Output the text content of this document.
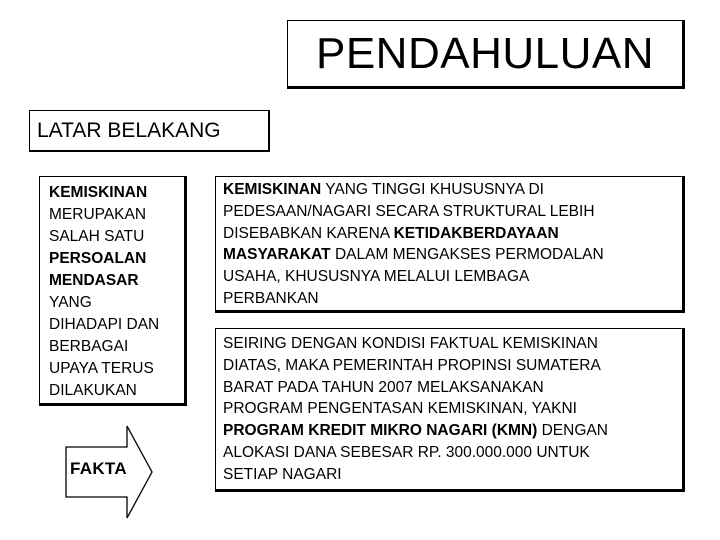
PENDAHULUAN
LATAR BELAKANG
KEMISKINAN
MERUPAKAN
SALAH SATU
PERSOALAN
MENDASAR
YANG
DIHADAPI DAN
BERBAGAI
UPAYA TERUS
DILAKUKAN
FAKTA
KEMISKINAN YANG TINGGI KHUSUSNYA DI
PEDESAAN/NAGARI SECARA STRUKTURAL LEBIH
DISEBABKAN KARENA KETIDAKBERDAYAAN
MASYARAKAT DALAM MENGAKSES PERMODALAN
USAHA, KHUSUSNYA MELALUI LEMBAGA
PERBANKAN
SEIRING DENGAN KONDISI FAKTUAL KEMISKINAN
DIATAS, MAKA PEMERINTAH PROPINSI SUMATERA
BARAT PADA TAHUN 2007 MELAKSANAKAN
PROGRAM PENGENTASAN KEMISKINAN, YAKNI
PROGRAM KREDIT MIKRO NAGARI (KMN) DENGAN
ALOKASI DANA SEBESAR RP. 300.000.000 UNTUK
SETIAP NAGARI
